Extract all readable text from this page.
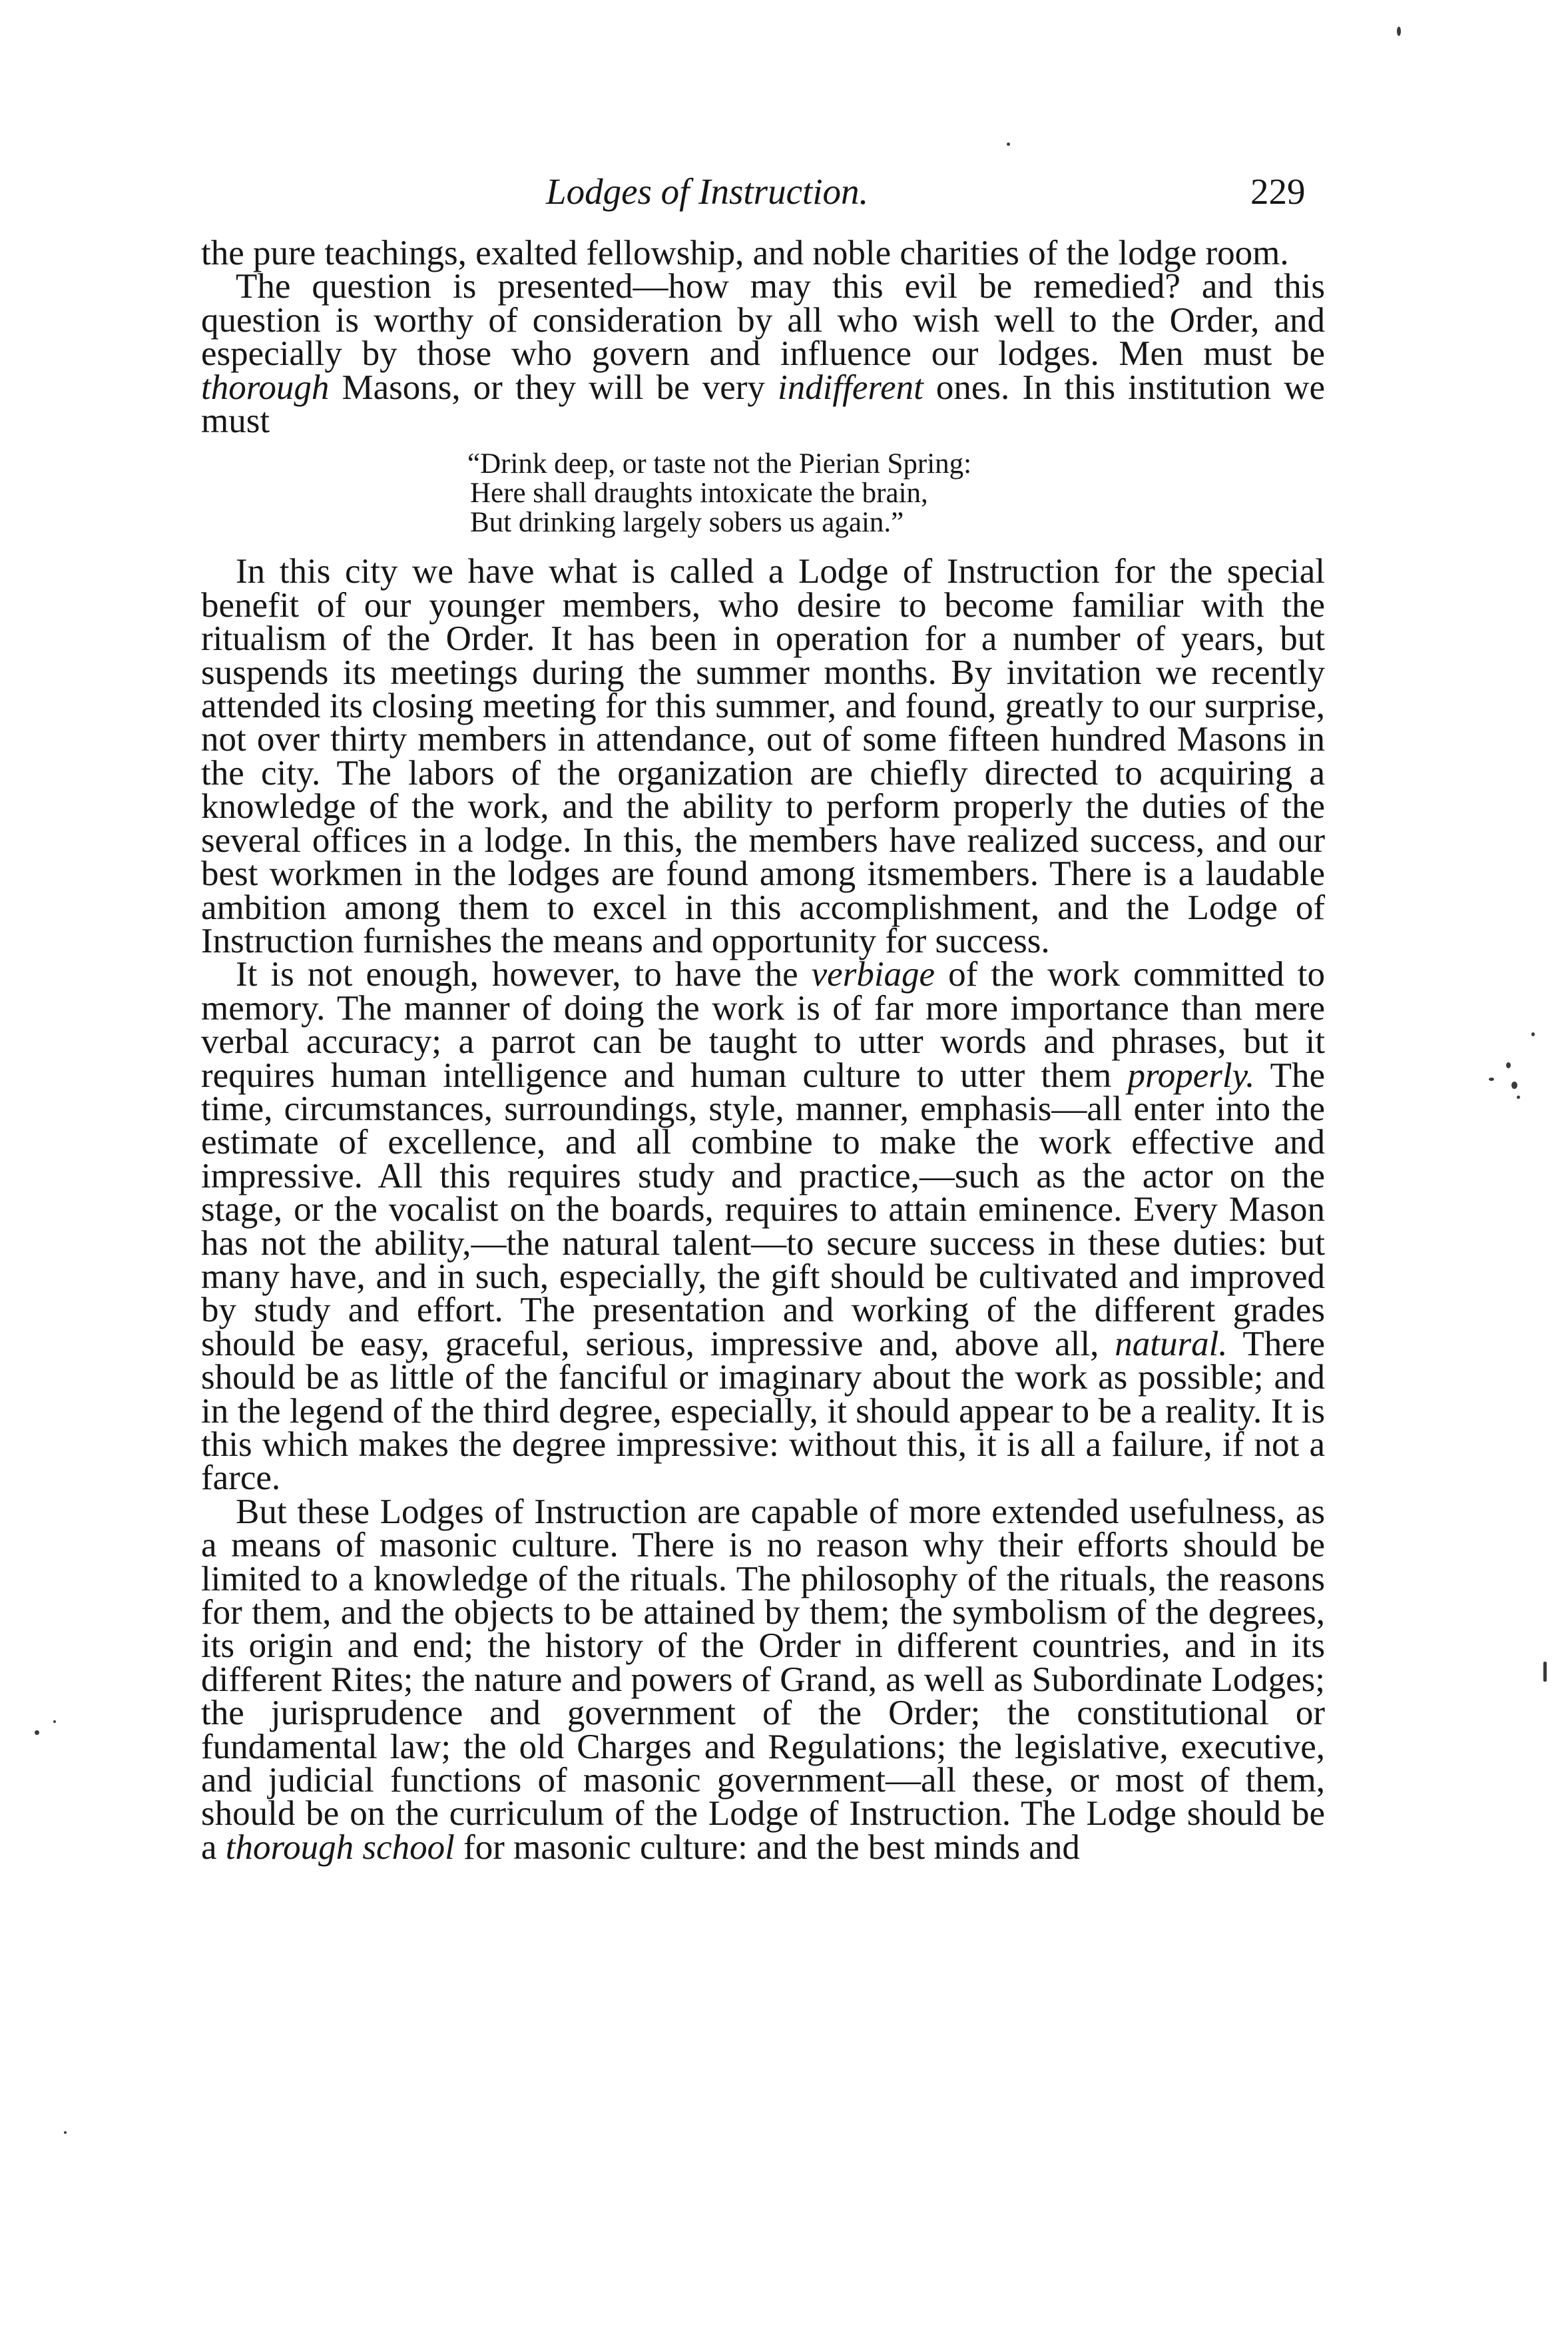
Lodges of Instruction.	229

the pure teachings, exalted fellowship, and noble charities of the lodge room.

The question is presented—how may this evil be remedied? and this question is worthy of consideration by all who wish well to the Order, and especially by those who govern and influence our lodges. Men must be thorough Masons, or they will be very indifferent ones. In this institution we must

“Drink deep, or taste not the Pierian Spring:
Here shall draughts intoxicate the brain,
But drinking largely sobers us again.”

In this city we have what is called a Lodge of Instruction for the special benefit of our younger members, who desire to become familiar with the ritualism of the Order. It has been in operation for a number of years, but suspends its meetings during the summer months. By invitation we recently attended its closing meeting for this summer, and found, greatly to our surprise, not over thirty members in attendance, out of some fifteen hundred Masons in the city. The labors of the organization are chiefly directed to acquiring a knowledge of the work, and the ability to perform properly the duties of the several offices in a lodge. In this, the members have realized success, and our best workmen in the lodges are found among itsmembers. There is a laudable ambition among them to excel in this accomplishment, and the Lodge of Instruction furnishes the means and opportunity for success.

It is not enough, however, to have the verbiage of the work committed to memory. The manner of doing the work is of far more importance than mere verbal accuracy; a parrot can be taught to utter words and phrases, but it requires human intelligence and human culture to utter them properly. The time, circumstances, surroundings, style, manner, emphasis—all enter into the estimate of excellence, and all combine to make the work effective and impressive. All this requires study and practice,—such as the actor on the stage, or the vocalist on the boards, requires to attain eminence. Every Mason has not the ability,—the natural talent—to secure success in these duties: but many have, and in such, especially, the gift should be cultivated and improved by study and effort. The presentation and working of the different grades should be easy, graceful, serious, impressive and, above all, natural. There should be as little of the fanciful or imaginary about the work as possible; and in the legend of the third degree, especially, it should appear to be a reality. It is this which makes the degree impressive: without this, it is all a failure, if not a farce.

But these Lodges of Instruction are capable of more extended usefulness, as a means of masonic culture. There is no reason why their efforts should be limited to a knowledge of the rituals. The philosophy of the rituals, the reasons for them, and the objects to be attained by them; the symbolism of the degrees, its origin and end; the history of the Order in different countries, and in its different Rites; the nature and powers of Grand, as well as Subordinate Lodges; the jurisprudence and government of the Order; the constitutional or fundamental law; the old Charges and Regulations; the legislative, executive, and judicial functions of masonic government—all these, or most of them, should be on the curriculum of the Lodge of Instruction. The Lodge should be a thorough school for masonic culture: and the best minds and
